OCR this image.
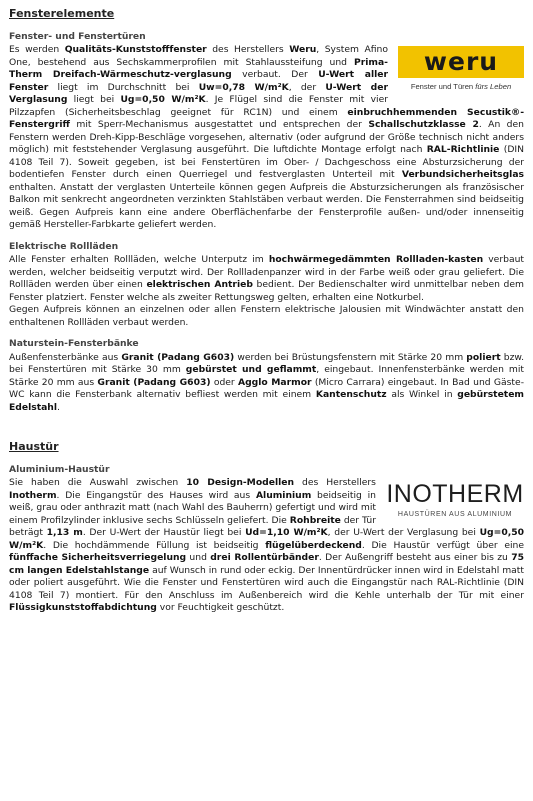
Fensterelemente
Fenster- und Fenstertüren
weru
Fenster und Türen fürs Leben

Es werden Qualitäts-Kunststofffenster des Herstellers Weru, System Afino One, bestehend aus Sechskammerprofilen mit Stahlaussteifung und Prima-Therm Dreifach-Wärmeschutz-verglasung verbaut. Der U-Wert aller Fenster liegt im Durchschnitt bei Uw=0,78 W/m²K, der U-Wert der Verglasung liegt bei Ug=0,50 W/m²K. Je Flügel sind die Fenster mit vier Pilzzapfen (Sicherheitsbeschlag geeignet für RC1N) und einem einbruchhemmenden Secustik®-Fenstergriff mit Sperr-Mechanismus ausgestattet und entsprechen der Schallschutzklasse 2. An den Fenstern werden Dreh-Kipp-Beschläge vorgesehen, alternativ (oder aufgrund der Größe technisch nicht anders möglich) mit feststehender Verglasung ausgeführt. Die luftdichte Montage erfolgt nach RAL-Richtlinie (DIN 4108 Teil 7). Soweit gegeben, ist bei Fenstertüren im Ober- / Dachgeschoss eine Absturzsicherung der bodentiefen Fenster durch einen Querriegel und festverglasten Unterteil mit Verbundsicherheitsglas enthalten. Anstatt der verglasten Unterteile können gegen Aufpreis die Absturzsicherungen als französischer Balkon mit senkrecht angeordneten verzinkten Stahlstäben verbaut werden. Die Fensterrahmen sind beidseitig weiß. Gegen Aufpreis kann eine andere Oberflächenfarbe der Fensterprofile außen- und/oder innenseitig gemäß Hersteller-Farbkarte geliefert werden.

Elektrische Rollläden

Alle Fenster erhalten Rollläden, welche Unterputz im hochwärmegedämmten Rollladen-kasten verbaut werden, welcher beidseitig verputzt wird. Der Rollladenpanzer wird in der Farbe weiß oder grau geliefert. Die Rollläden werden über einen elektrischen Antrieb bedient. Der Bedienschalter wird unmittelbar neben dem Fenster platziert. Fenster welche als zweiter Rettungsweg gelten, erhalten eine Notkurbel.

Gegen Aufpreis können an einzelnen oder allen Fenstern elektrische Jalousien mit Windwächter anstatt den enthaltenen Rollläden verbaut werden.

Naturstein-Fensterbänke

Außenfensterbänke aus Granit (Padang G603) werden bei Brüstungsfenstern mit Stärke 20 mm poliert bzw. bei Fenstertüren mit Stärke 30 mm gebürstet und geflammt, eingebaut. Innenfensterbänke werden mit Stärke 20 mm aus Granit (Padang G603) oder Agglo Marmor (Micro Carrara) eingebaut. In Bad und Gäste-WC kann die Fensterbank alternativ befliest werden mit einem Kantenschutz als Winkel in gebürstetem Edelstahl.

Haustür
Aluminium-Haustür
INOTHERM
HAUSTÜREN AUS ALUMINIUM

Sie haben die Auswahl zwischen 10 Design-Modellen des Herstellers Inotherm. Die Eingangstür des Hauses wird aus Aluminium beidseitig in weiß, grau oder anthrazit matt (nach Wahl des Bauherrn) gefertigt und wird mit einem Profilzylinder inklusive sechs Schlüsseln geliefert. Die Rohbreite der Tür beträgt 1,13 m. Der U-Wert der Haustür liegt bei Ud=1,10 W/m²K, der U-Wert der Verglasung bei Ug=0,50 W/m²K. Die hochdämmende Füllung ist beidseitig flügelüberdeckend. Die Haustür verfügt über eine fünffache Sicherheitsverriegelung und drei Rollentürbänder. Der Außengriff besteht aus einer bis zu 75 cm langen Edelstahlstange auf Wunsch in rund oder eckig. Der Innentürdrücker innen wird in Edelstahl matt oder poliert ausgeführt. Wie die Fenster und Fenstertüren wird auch die Eingangstür nach RAL-Richtlinie (DIN 4108 Teil 7) montiert. Für den Anschluss im Außenbereich wird die Kehle unterhalb der Tür mit einer Flüssigkunststoffabdichtung vor Feuchtigkeit geschützt.
